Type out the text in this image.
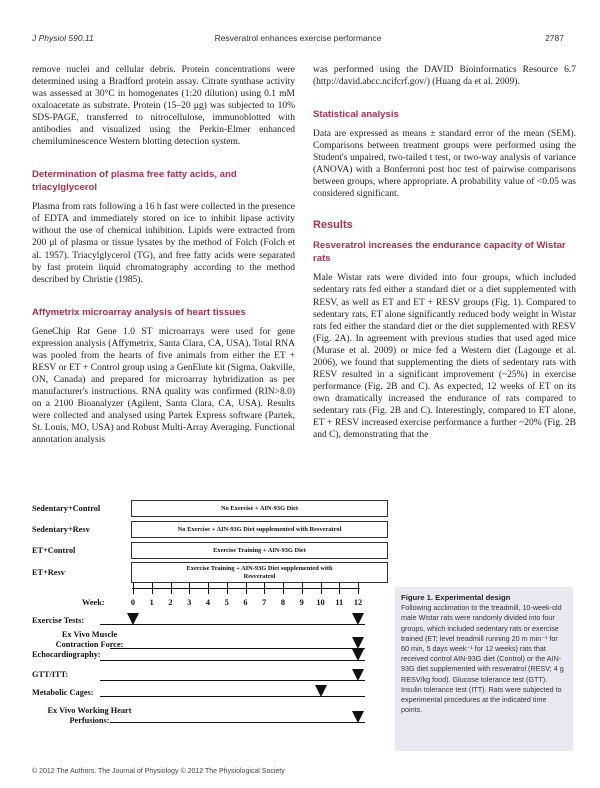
J Physiol 590.11	Resveratrol enhances exercise performance	2787

remove nuclei and cellular debris. Protein concentrations were determined using a Bradford protein assay. Citrate synthase activity was assessed at 30°C in homogenates (1:20 dilution) using 0.1 mM oxaloacetate as substrate. Protein (15–20 μg) was subjected to 10% SDS-PAGE, transferred to nitrocellulose, immunoblotted with antibodies and visualized using the Perkin-Elmer enhanced chemiluminescence Western blotting detection system.

Determination of plasma free fatty acids, and triacylglycerol

Plasma from rats following a 16 h fast were collected in the presence of EDTA and immediately stored on ice to inhibit lipase activity without the use of chemical inhibition. Lipids were extracted from 200 μl of plasma or tissue lysates by the method of Folch (Folch et al. 1957). Triacylglycerol (TG), and free fatty acids were separated by fast protein liquid chromatography according to the method described by Christie (1985).

Affymetrix microarray analysis of heart tissues

GeneChip Rat Gene 1.0 ST microarrays were used for gene expression analysis (Affymetrix, Santa Clara, CA, USA). Total RNA was pooled from the hearts of five animals from either the ET + RESV or ET + Control group using a GenElute kit (Sigma, Oakville, ON, Canada) and prepared for microarray hybridization as per manufacturer's instructions. RNA quality was confirmed (RIN>8.0) on a 2100 Bioanalyzer (Agilent, Santa Clara, CA, USA). Results were collected and analysed using Partek Express software (Partek, St. Louis, MO, USA) and Robust Multi-Array Averaging. Functional annotation analysis

was performed using the DAVID Bioinformatics Resource 6.7 (http://david.abcc.ncifcrf.gov/) (Huang da et al. 2009).

Statistical analysis

Data are expressed as means ± standard error of the mean (SEM). Comparisons between treatment groups were performed using the Student's unpaired, two-tailed t test, or two-way analysis of variance (ANOVA) with a Bonferroni post hoc test of pairwise comparisons between groups, where appropriate. A probability value of <0.05 was considered significant.

Results
Resveratrol increases the endurance capacity of Wistar rats

Male Wistar rats were divided into four groups, which included sedentary rats fed either a standard diet or a diet supplemented with RESV, as well as ET and ET + RESV groups (Fig. 1). Compared to sedentary rats, ET alone significantly reduced body weight in Wistar rats fed either the standard diet or the diet supplemented with RESV (Fig. 2A). In agreement with previous studies that used aged mice (Murase et al. 2009) or mice fed a Western diet (Lagouge et al. 2006), we found that supplementing the diets of sedentary rats with RESV resulted in a significant improvement (~25%) in exercise performance (Fig. 2B and C). As expected, 12 weeks of ET on its own dramatically increased the endurance of rats compared to sedentary rats (Fig. 2B and C). Interestingly, compared to ET alone, ET + RESV increased exercise performance a further ~20% (Fig. 2B and C), demonstrating that the

Sedentary+Control	No Exercise + AIN-93G Diet
Sedentary+Resv	No Exercise + AIN-93G Diet supplemented with Resveratrol
ET+Control	Exercise Training + AIN-93G Diet
ET+Resv	Exercise Training + AIN-93G Diet supplemented with Resveratrol
0	1	2	3	4	5	6	7	8	9	10	11	12
Week:
Exercise Tests:
Ex Vivo Muscle Contraction Force:
Echocardiography:
GTT/ITT:
Metabolic Cages:
Ex Vivo Working Heart Perfusions:
Figure 1. Experimental design
Following acclimation to the treadmill, 10-week-old male Wistar rats were randomly divided into four groups, which included sedentary rats or exercise trained (ET; level treadmill running 20 m min⁻¹ for 60 min, 5 days week⁻¹ for 12 weeks) rats that received control AIN-93G diet (Control) or the AIN-93G diet supplemented with resveratrol (RESV; 4 g RESV/kg food). Glucose tolerance test (GTT). Insulin tolerance test (ITT). Rats were subjected to experimental procedures at the indicated time points.
© 2012 The Authors. The Journal of Physiology © 2012 The Physiological Society
